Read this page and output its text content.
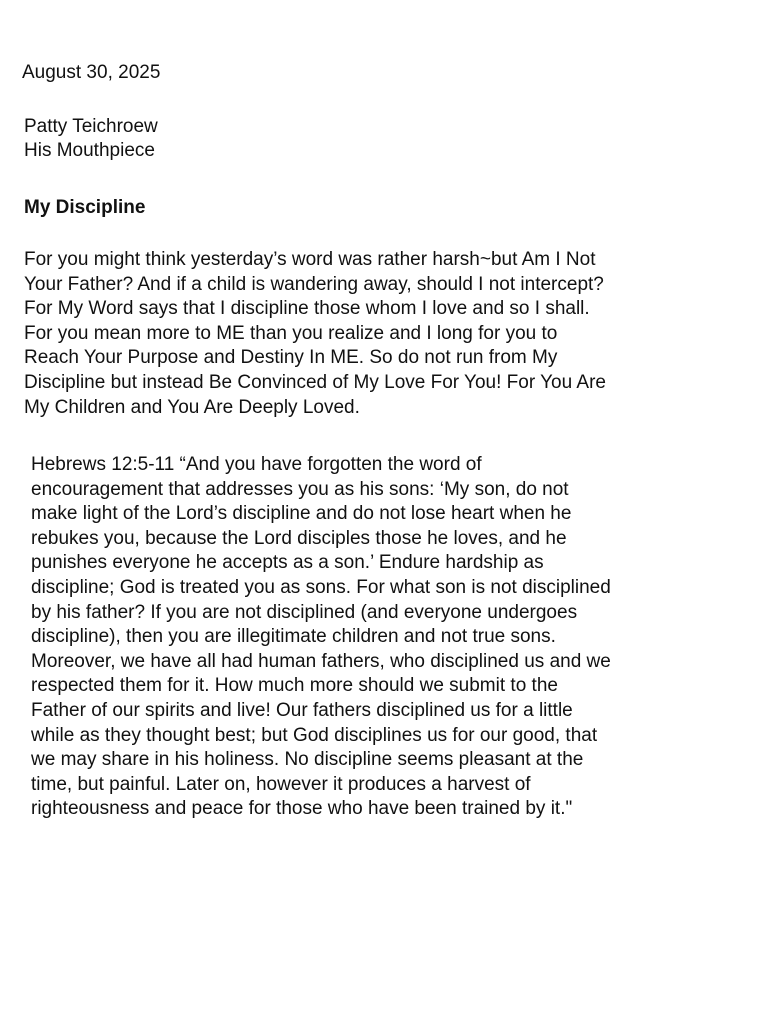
August 30, 2025

Patty Teichroew
His Mouthpiece

My Discipline

For you might think yesterday’s word was rather harsh~but Am I Not
Your Father? And if a child is wandering away, should I not intercept?
For My Word says that I discipline those whom I love and so I shall.
For you mean more to ME than you realize and I long for you to
Reach Your Purpose and Destiny In ME. So do not run from My
Discipline but instead Be Convinced of My Love For You! For You Are
My Children and You Are Deeply Loved.

Hebrews 12:5-11 “And you have forgotten the word of
encouragement that addresses you as his sons: ‘My son, do not
make light of the Lord’s discipline and do not lose heart when he
rebukes you, because the Lord disciples those he loves, and he
punishes everyone he accepts as a son.’ Endure hardship as
discipline; God is treated you as sons. For what son is not disciplined
by his father? If you are not disciplined (and everyone undergoes
discipline), then you are illegitimate children and not true sons.
Moreover, we have all had human fathers, who disciplined us and we
respected them for it. How much more should we submit to the
Father of our spirits and live! Our fathers disciplined us for a little
while as they thought best; but God disciplines us for our good, that
we may share in his holiness. No discipline seems pleasant at the
time, but painful. Later on, however it produces a harvest of
righteousness and peace for those who have been trained by it."
